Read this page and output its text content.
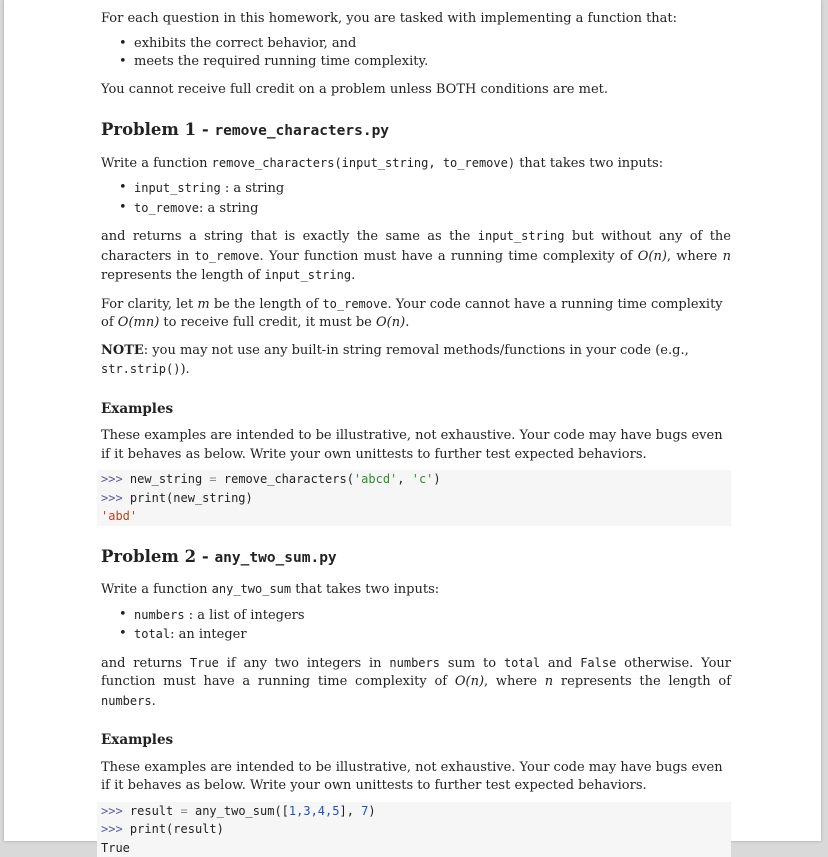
For each question in this homework, you are tasked with implementing a function that:

• exhibits the correct behavior, and
• meets the required running time complexity.

You cannot receive full credit on a problem unless BOTH conditions are met.

Problem 1 - remove_characters.py

Write a function remove_characters(input_string, to_remove) that takes two inputs:

• input_string : a string
• to_remove: a string

and returns a string that is exactly the same as the input_string but without any of the characters in to_remove. Your function must have a running time complexity of O(n), where n represents the length of input_string.

For clarity, let m be the length of to_remove. Your code cannot have a running time complexity of O(mn) to receive full credit, it must be O(n).

NOTE: you may not use any built-in string removal methods/functions in your code (e.g., str.strip()).

Examples

These examples are intended to be illustrative, not exhaustive. Your code may have bugs even if it behaves as below. Write your own unittests to further test expected behaviors.

>>> new_string = remove_characters('abcd', 'c')
>>> print(new_string)
'abd'
Problem 2 - any_two_sum.py

Write a function any_two_sum that takes two inputs:

• numbers : a list of integers
• total: an integer

and returns True if any two integers in numbers sum to total and False otherwise. Your function must have a running time complexity of O(n), where n represents the length of numbers.

Examples

These examples are intended to be illustrative, not exhaustive. Your code may have bugs even if it behaves as below. Write your own unittests to further test expected behaviors.

>>> result = any_two_sum([1,3,4,5], 7)
>>> print(result)
True
